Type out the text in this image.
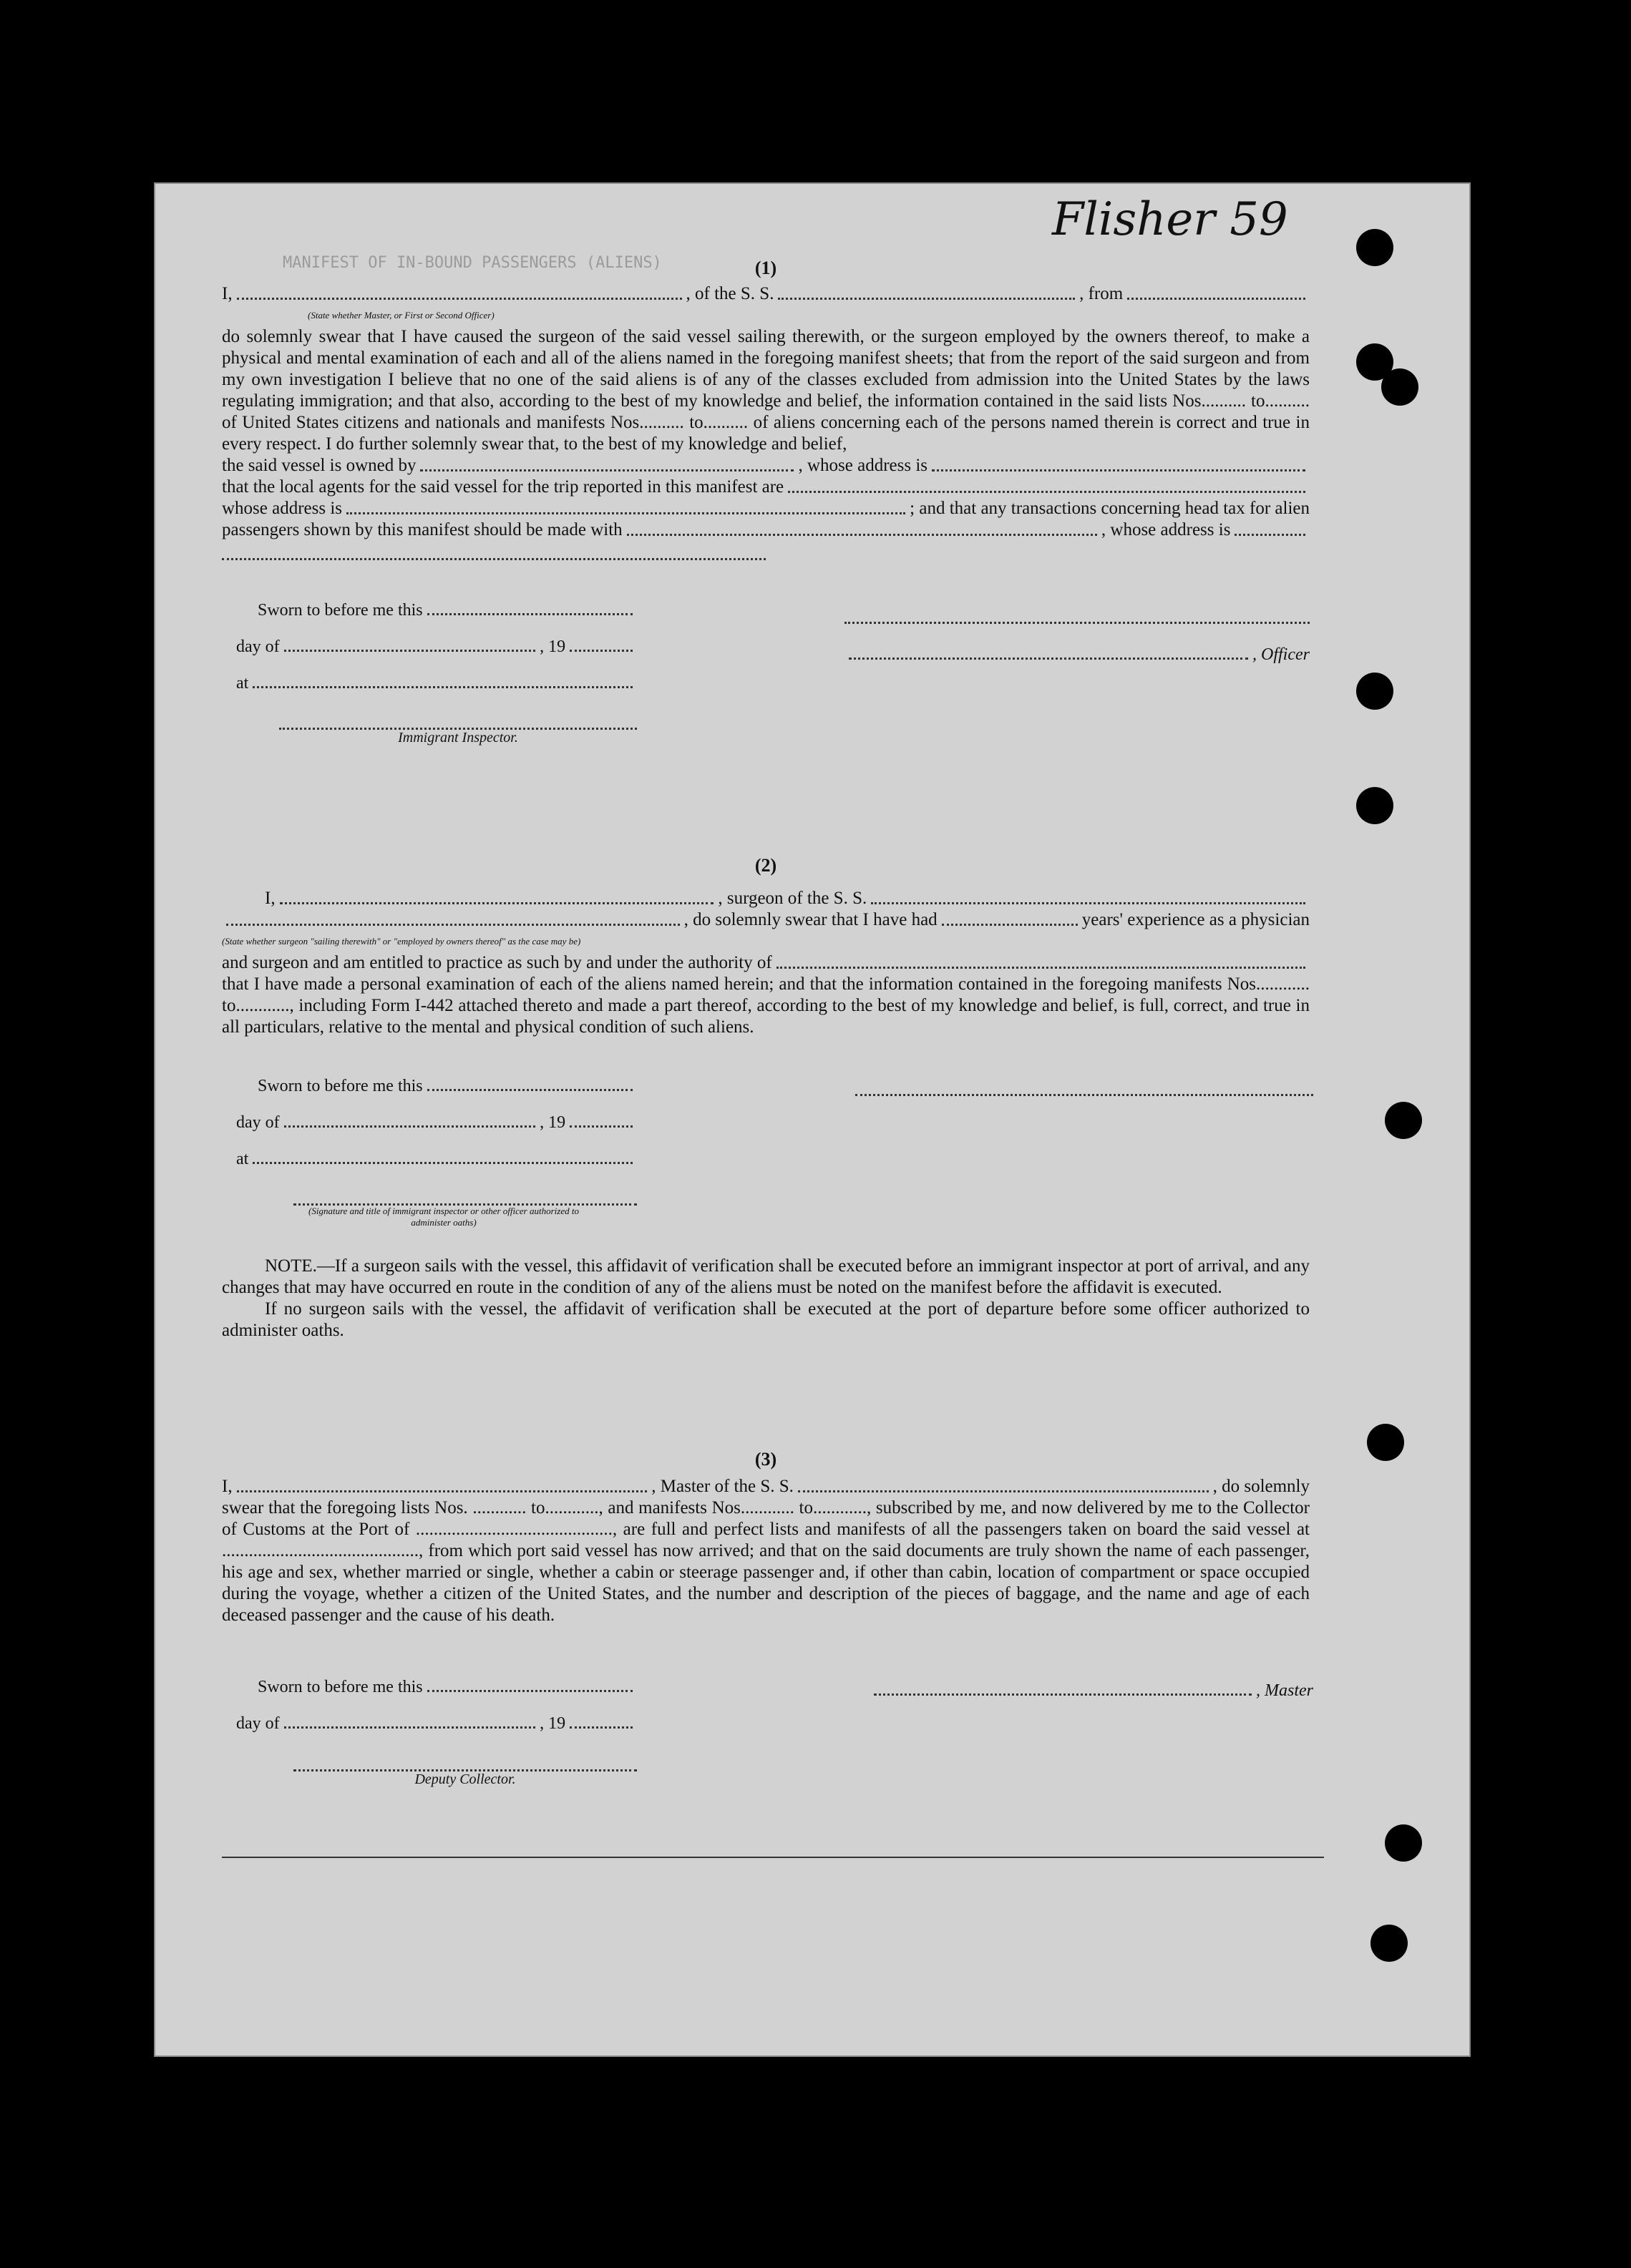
Flisher 59
MANIFEST OF IN-BOUND PASSENGERS (ALIENS)	(1)
I,	, of the S. S.	, from
(State whether Master, or First or Second Officer)
do solemnly swear that I have caused the surgeon of the said vessel sailing therewith, or the surgeon employed by the owners thereof, to make a physical and mental examination of each and all of the aliens named in the foregoing manifest sheets; that from the report of the said surgeon and from my own investigation I believe that no one of the said aliens is of any of the classes excluded from admission into the United States by the laws regulating immigration; and that also, according to the best of my knowledge and belief, the information contained in the said lists Nos.......... to.......... of United States citizens and nationals and manifests Nos.......... to.......... of aliens concerning each of the persons named therein is correct and true in every respect. I do further solemnly swear that, to the best of my knowledge and belief,
the said vessel is owned by	, whose address is
that the local agents for the said vessel for the trip reported in this manifest are
whose address is	; and that any transactions concerning head tax for alien
passengers shown by this manifest should be made with	, whose address is
Sworn to before me this
day of	, 19
at
Immigrant Inspector.
, Officer
(2)
I,	, surgeon of the S. S.
, do solemnly swear that I have had	years' experience as a physician
(State whether surgeon "sailing therewith" or "employed by owners thereof" as the case may be)
and surgeon and am entitled to practice as such by and under the authority of
that I have made a personal examination of each of the aliens named herein; and that the information contained in the foregoing manifests Nos............ to............, including Form I-442 attached thereto and made a part thereof, according to the best of my knowledge and belief, is full, correct, and true in all particulars, relative to the mental and physical condition of such aliens.
Sworn to before me this
day of	, 19
at
(Signature and title of immigrant inspector or other officer authorized to administer oaths)
NOTE.—If a surgeon sails with the vessel, this affidavit of verification shall be executed before an immigrant inspector at port of arrival, and any changes that may have occurred en route in the condition of any of the aliens must be noted on the manifest before the affidavit is executed.
If no surgeon sails with the vessel, the affidavit of verification shall be executed at the port of departure before some officer authorized to administer oaths.
(3)
I,	, Master of the S. S.	, do solemnly
swear that the foregoing lists Nos. ............ to............, and manifests Nos............ to............, subscribed by me, and now delivered by me to the Collector of Customs at the Port of ............................................, are full and perfect lists and manifests of all the passengers taken on board the said vessel at ............................................, from which port said vessel has now arrived; and that on the said documents are truly shown the name of each passenger, his age and sex, whether married or single, whether a cabin or steerage passenger and, if other than cabin, location of compartment or space occupied during the voyage, whether a citizen of the United States, and the number and description of the pieces of baggage, and the name and age of each deceased passenger and the cause of his death.
Sworn to before me this
day of	, 19
Deputy Collector.
, Master
